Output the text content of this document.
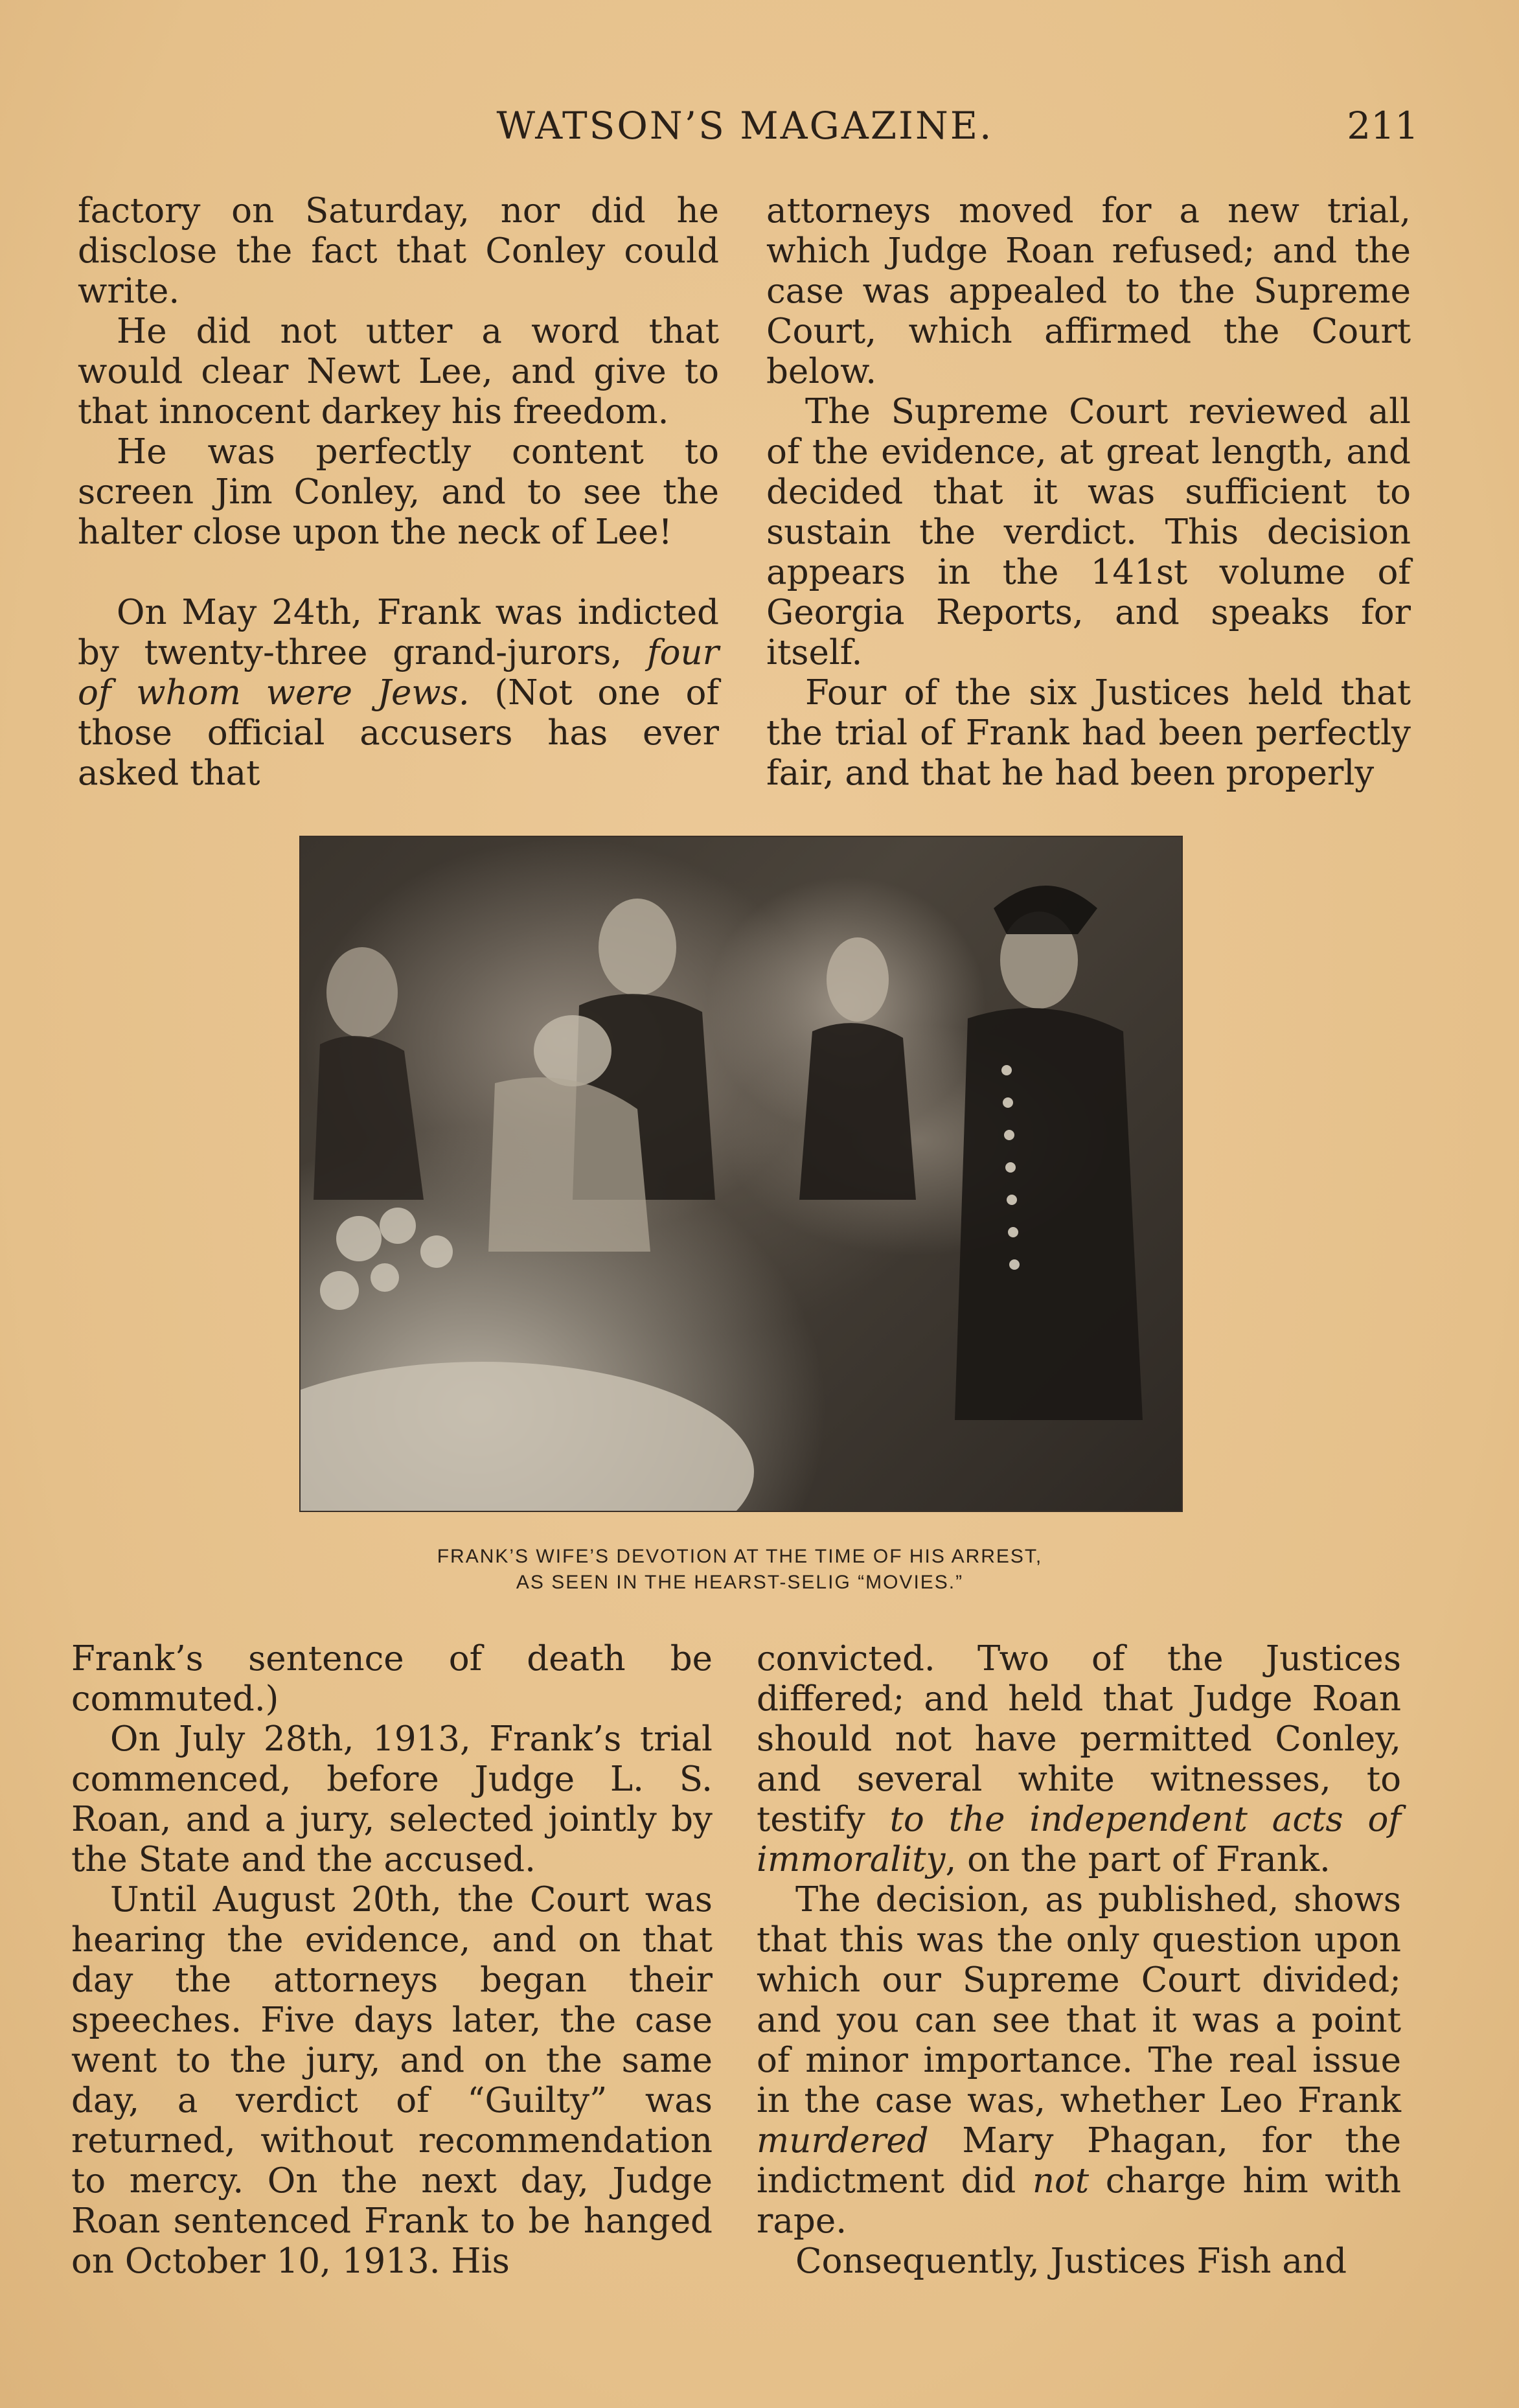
WATSON’S MAGAZINE.	211

factory on Saturday, nor did he disclose the fact that Conley could write.

He did not utter a word that would clear Newt Lee, and give to that innocent darkey his freedom.

He was perfectly content to screen Jim Conley, and to see the halter close upon the neck of Lee!

On May 24th, Frank was indicted by twenty-three grand-jurors, four of whom were Jews. (Not one of those official accusers has ever asked that

attorneys moved for a new trial, which Judge Roan refused; and the case was appealed to the Supreme Court, which affirmed the Court below.

The Supreme Court reviewed all of the evidence, at great length, and decided that it was sufficient to sustain the verdict. This decision appears in the 141st volume of Georgia Reports, and speaks for itself.

Four of the six Justices held that the trial of Frank had been perfectly fair, and that he had been properly

FRANK’S WIFE’S DEVOTION AT THE TIME OF HIS ARREST,
AS SEEN IN THE HEARST-SELIG “MOVIES.”

Frank’s sentence of death be commuted.)

On July 28th, 1913, Frank’s trial commenced, before Judge L. S. Roan, and a jury, selected jointly by the State and the accused.

Until August 20th, the Court was hearing the evidence, and on that day the attorneys began their speeches. Five days later, the case went to the jury, and on the same day, a verdict of “Guilty” was returned, without recommendation to mercy. On the next day, Judge Roan sentenced Frank to be hanged on October 10, 1913. His

convicted. Two of the Justices differed; and held that Judge Roan should not have permitted Conley, and several white witnesses, to testify to the independent acts of immorality, on the part of Frank.

The decision, as published, shows that this was the only question upon which our Supreme Court divided; and you can see that it was a point of minor importance. The real issue in the case was, whether Leo Frank murdered Mary Phagan, for the indictment did not charge him with rape.

Consequently, Justices Fish and
